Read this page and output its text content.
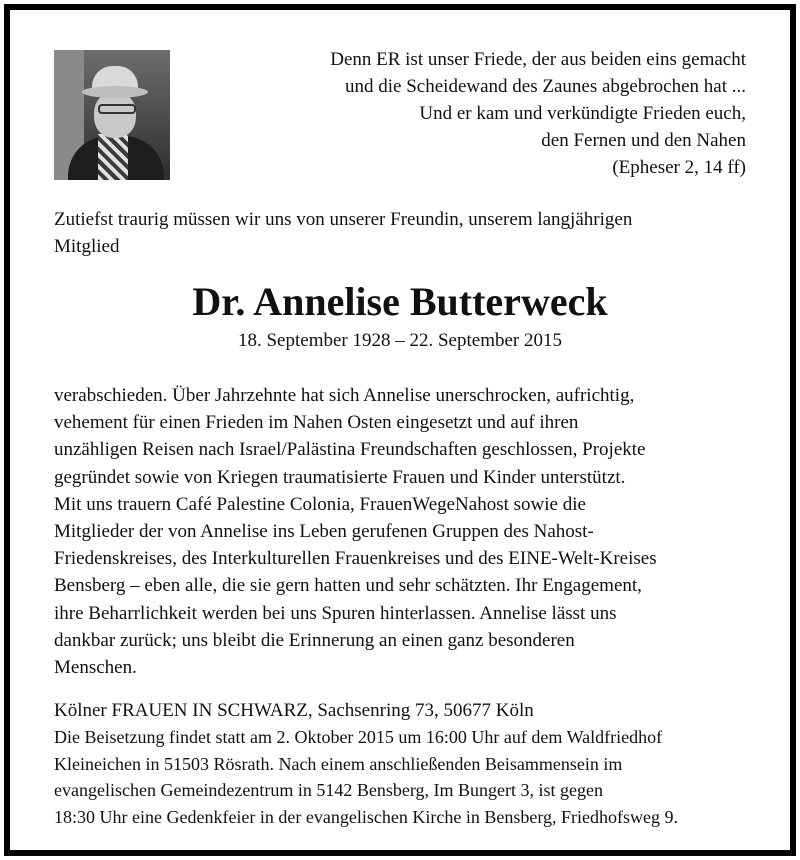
Denn ER ist unser Friede, der aus beiden eins gemacht
und die Scheidewand des Zaunes abgebrochen hat ...
Und er kam und verkündigte Frieden euch,
den Fernen und den Nahen
(Epheser 2, 14 ff)
Zutiefst traurig müssen wir uns von unserer Freundin, unserem langjährigen
Mitglied
Dr. Annelise Butterweck
18. September 1928 – 22. September 2015
verabschieden. Über Jahrzehnte hat sich Annelise unerschrocken, aufrichtig,
vehement für einen Frieden im Nahen Osten eingesetzt und auf ihren
unzähligen Reisen nach Israel/Palästina Freundschaften geschlossen, Projekte
gegründet sowie von Kriegen traumatisierte Frauen und Kinder unterstützt.
Mit uns trauern Café Palestine Colonia, FrauenWegeNahost sowie die
Mitglieder der von Annelise ins Leben gerufenen Gruppen des Nahost-
Friedenskreises, des Interkulturellen Frauenkreises und des EINE-Welt-Kreises
Bensberg – eben alle, die sie gern hatten und sehr schätzten. Ihr Engagement,
ihre Beharrlichkeit werden bei uns Spuren hinterlassen. Annelise lässt uns
dankbar zurück; uns bleibt die Erinnerung an einen ganz besonderen
Menschen.
Kölner FRAUEN IN SCHWARZ, Sachsenring 73, 50677 Köln
Die Beisetzung findet statt am 2. Oktober 2015 um 16:00 Uhr auf dem Waldfriedhof
Kleineichen in 51503 Rösrath. Nach einem anschließenden Beisammensein im
evangelischen Gemeindezentrum in 5142 Bensberg, Im Bungert 3, ist gegen
18:30 Uhr eine Gedenkfeier in der evangelischen Kirche in Bensberg, Friedhofsweg 9.
